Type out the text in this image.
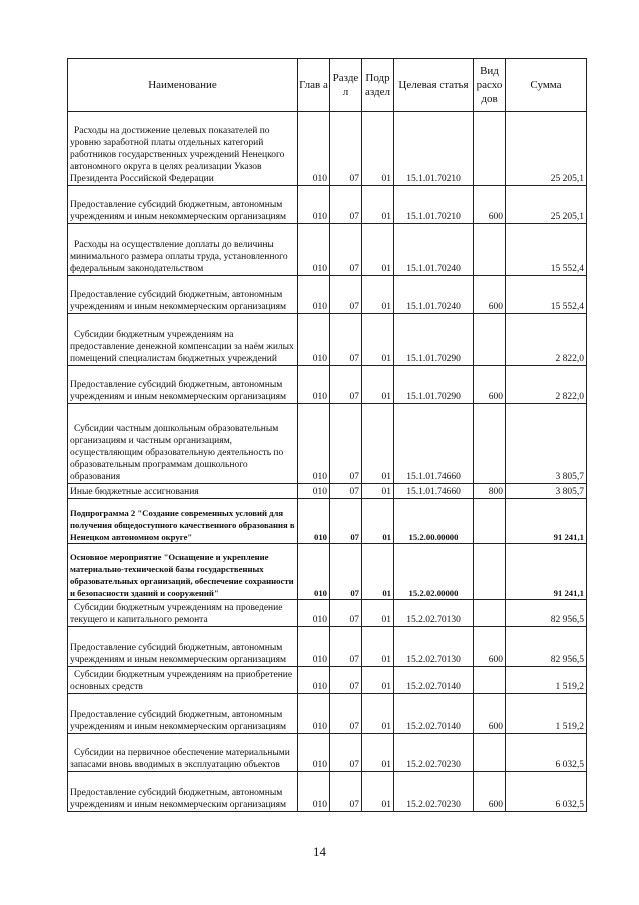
Наименование	Глав а	Разде л	Подр аздел	Целевая статья	Вид расхо дов	Сумма
Расходы на достижение целевых показателей по уровню заработной платы отдельных категорий работников государственных учреждений Ненецкого автономного округа в целях реализации Указов Президента Российской Федерации	010	07	01	15.1.01.70210		25 205,1
Предоставление субсидий бюджетным, автономным учреждениям и иным некоммерческим организациям	010	07	01	15.1.01.70210	600	25 205,1
Расходы на осуществление доплаты до величины минимального размера оплаты труда, установленного федеральным законодательством	010	07	01	15.1.01.70240		15 552,4
Предоставление субсидий бюджетным, автономным учреждениям и иным некоммерческим организациям	010	07	01	15.1.01.70240	600	15 552,4
Субсидии бюджетным учреждениям на предоставление денежной компенсации за наём жилых помещений специалистам бюджетных учреждений	010	07	01	15.1.01.70290		2 822,0
Предоставление субсидий бюджетным, автономным учреждениям и иным некоммерческим организациям	010	07	01	15.1.01.70290	600	2 822,0
Субсидии частным дошкольным образовательным организациям и частным организациям, осуществляющим образовательную деятельность по образовательным программам дошкольного образования	010	07	01	15.1.01.74660		3 805,7
Иные бюджетные ассигнования	010	07	01	15.1.01.74660	800	3 805,7
Подпрограмма 2 "Создание современных условий для получения общедоступного качественного образования в Ненецком автономном округе"	010	07	01	15.2.00.00000		91 241,1
Основное мероприятие "Оснащение и укрепление материально-технической базы государственных образовательных организаций, обеспечение сохранности и безопасности зданий и сооружений"	010	07	01	15.2.02.00000		91 241,1
Субсидии бюджетным учреждениям на проведение текущего и капитального ремонта	010	07	01	15.2.02.70130		82 956,5
Предоставление субсидий бюджетным, автономным учреждениям и иным некоммерческим организациям	010	07	01	15.2.02.70130	600	82 956,5
Субсидии бюджетным учреждениям на приобретение основных средств	010	07	01	15.2.02.70140		1 519,2
Предоставление субсидий бюджетным, автономным учреждениям и иным некоммерческим организациям	010	07	01	15.2.02.70140	600	1 519,2
Субсидии на первичное обеспечение материальными запасами вновь вводимых в эксплуатацию объектов	010	07	01	15.2.02.70230		6 032,5
Предоставление субсидий бюджетным, автономным учреждениям и иным некоммерческим организациям	010	07	01	15.2.02.70230	600	6 032,5
14
